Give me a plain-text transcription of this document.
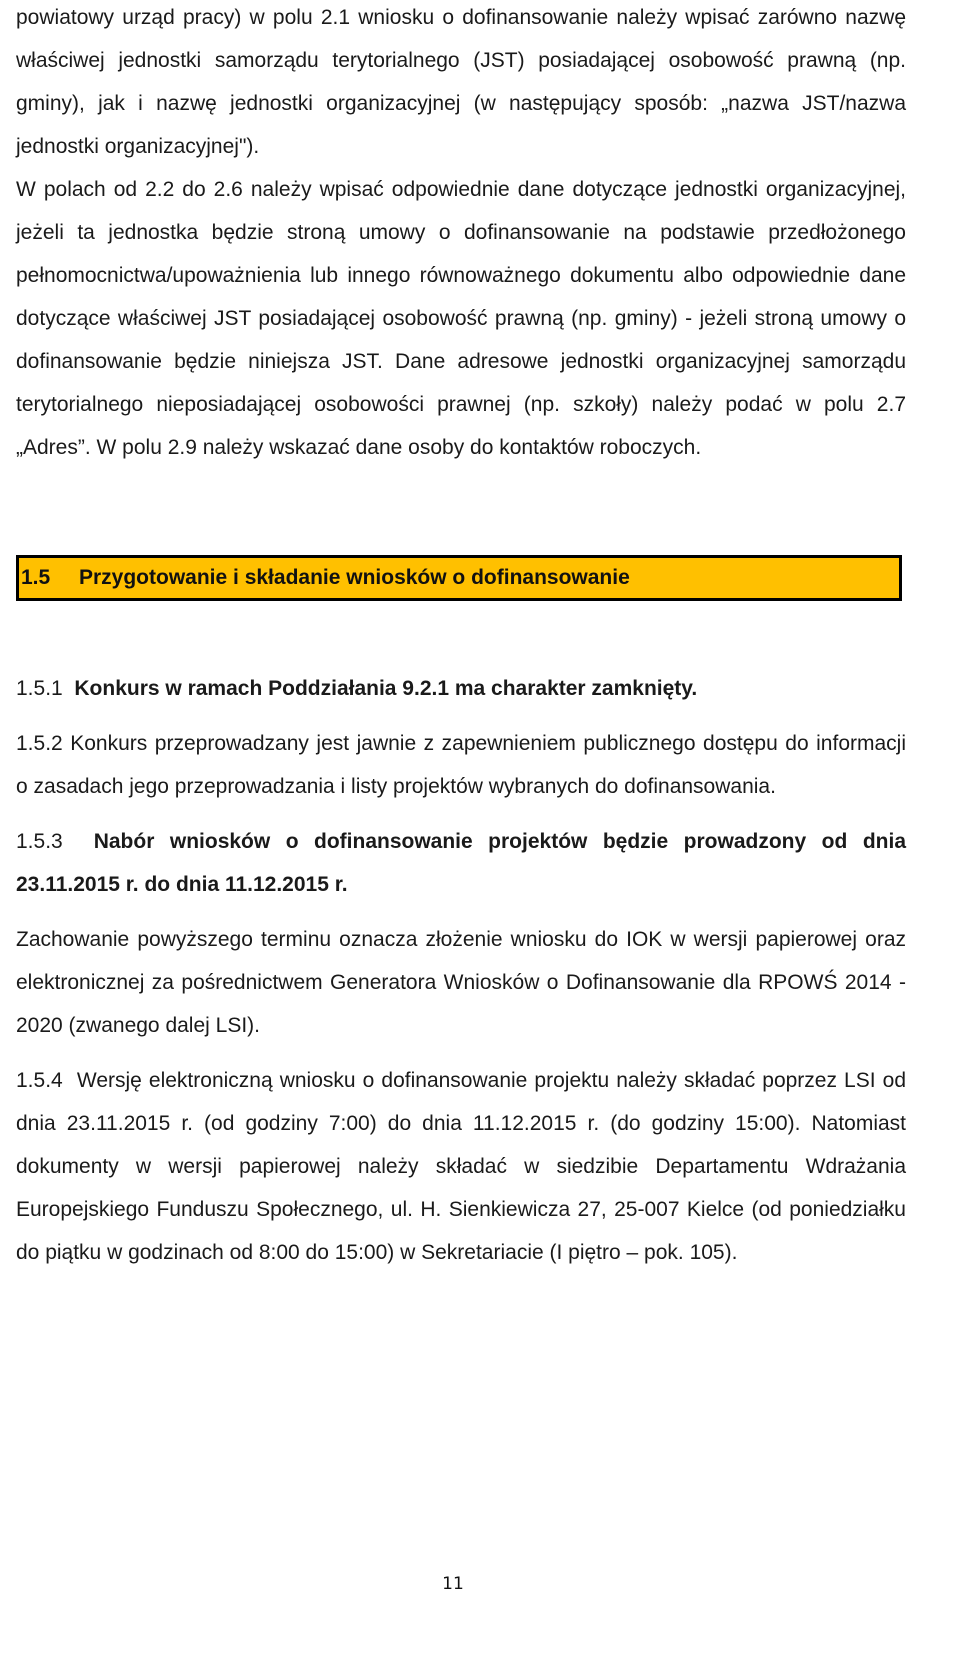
powiatowy urząd pracy) w polu 2.1 wniosku o dofinansowanie należy wpisać zarówno nazwę właściwej jednostki samorządu terytorialnego (JST) posiadającej osobowość prawną (np. gminy), jak i nazwę jednostki organizacyjnej (w następujący sposób: „nazwa JST/nazwa jednostki organizacyjnej").

W polach od 2.2 do 2.6 należy wpisać odpowiednie dane dotyczące jednostki organizacyjnej, jeżeli ta jednostka będzie stroną umowy o dofinansowanie na podstawie przedłożonego pełnomocnictwa/upoważnienia lub innego równoważnego dokumentu albo odpowiednie dane dotyczące właściwej JST posiadającej osobowość prawną (np. gminy) - jeżeli stroną umowy o dofinansowanie będzie niniejsza JST. Dane adresowe jednostki organizacyjnej samorządu terytorialnego nieposiadającej osobowości prawnej (np. szkoły) należy podać w polu 2.7 „Adres”. W polu 2.9 należy wskazać dane osoby do kontaktów roboczych.

1.5	Przygotowanie i składanie wniosków o dofinansowanie

1.5.1 Konkurs w ramach Poddziałania 9.2.1 ma charakter zamknięty.

1.5.2 Konkurs przeprowadzany jest jawnie z zapewnieniem publicznego dostępu do informacji o zasadach jego przeprowadzania i listy projektów wybranych do dofinansowania.

1.5.3 Nabór wniosków o dofinansowanie projektów będzie prowadzony od dnia 23.11.2015 r. do dnia 11.12.2015 r.

Zachowanie powyższego terminu oznacza złożenie wniosku do IOK w wersji papierowej oraz elektronicznej za pośrednictwem Generatora Wniosków o Dofinansowanie dla RPOWŚ 2014 - 2020 (zwanego dalej LSI).

1.5.4 Wersję elektroniczną wniosku o dofinansowanie projektu należy składać poprzez LSI od dnia 23.11.2015 r. (od godziny 7:00) do dnia 11.12.2015 r. (do godziny 15:00). Natomiast dokumenty w wersji papierowej należy składać w siedzibie Departamentu Wdrażania Europejskiego Funduszu Społecznego, ul. H. Sienkiewicza 27, 25-007 Kielce (od poniedziałku do piątku w godzinach od 8:00 do 15:00) w Sekretariacie (I piętro – pok. 105).

11
